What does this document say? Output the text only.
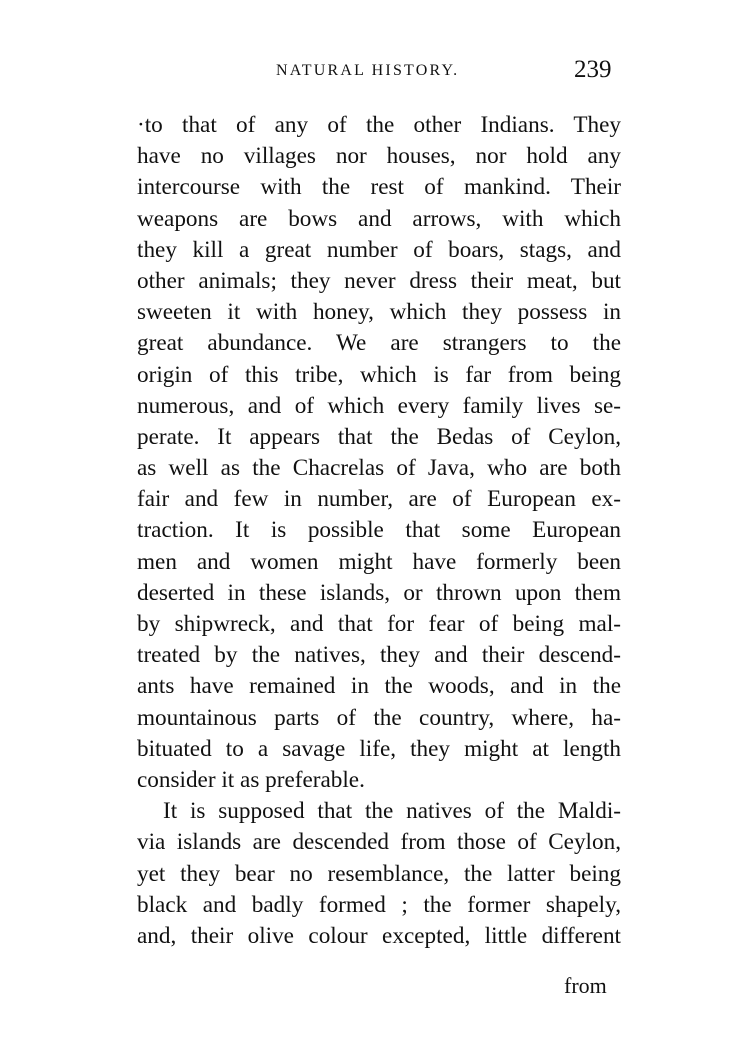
NATURAL HISTORY.	239
·to that of any of the other Indians. They
have no villages nor houses, nor hold any
intercourse with the rest of mankind. Their
weapons are bows and arrows, with which
they kill a great number of boars, stags, and
other animals; they never dress their meat, but
sweeten it with honey, which they possess in
great abundance. We are strangers to the
origin of this tribe, which is far from being
numerous, and of which every family lives se-
perate. It appears that the Bedas of Ceylon,
as well as the Chacrelas of Java, who are both
fair and few in number, are of European ex-
traction. It is possible that some European
men and women might have formerly been
deserted in these islands, or thrown upon them
by shipwreck, and that for fear of being mal-
treated by the natives, they and their descend-
ants have remained in the woods, and in the
mountainous parts of the country, where, ha-
bituated to a savage life, they might at length
consider it as preferable.
It is supposed that the natives of the Maldi-
via islands are descended from those of Ceylon,
yet they bear no resemblance, the latter being
black and badly formed ; the former shapely,
and, their olive colour excepted, little different
from
